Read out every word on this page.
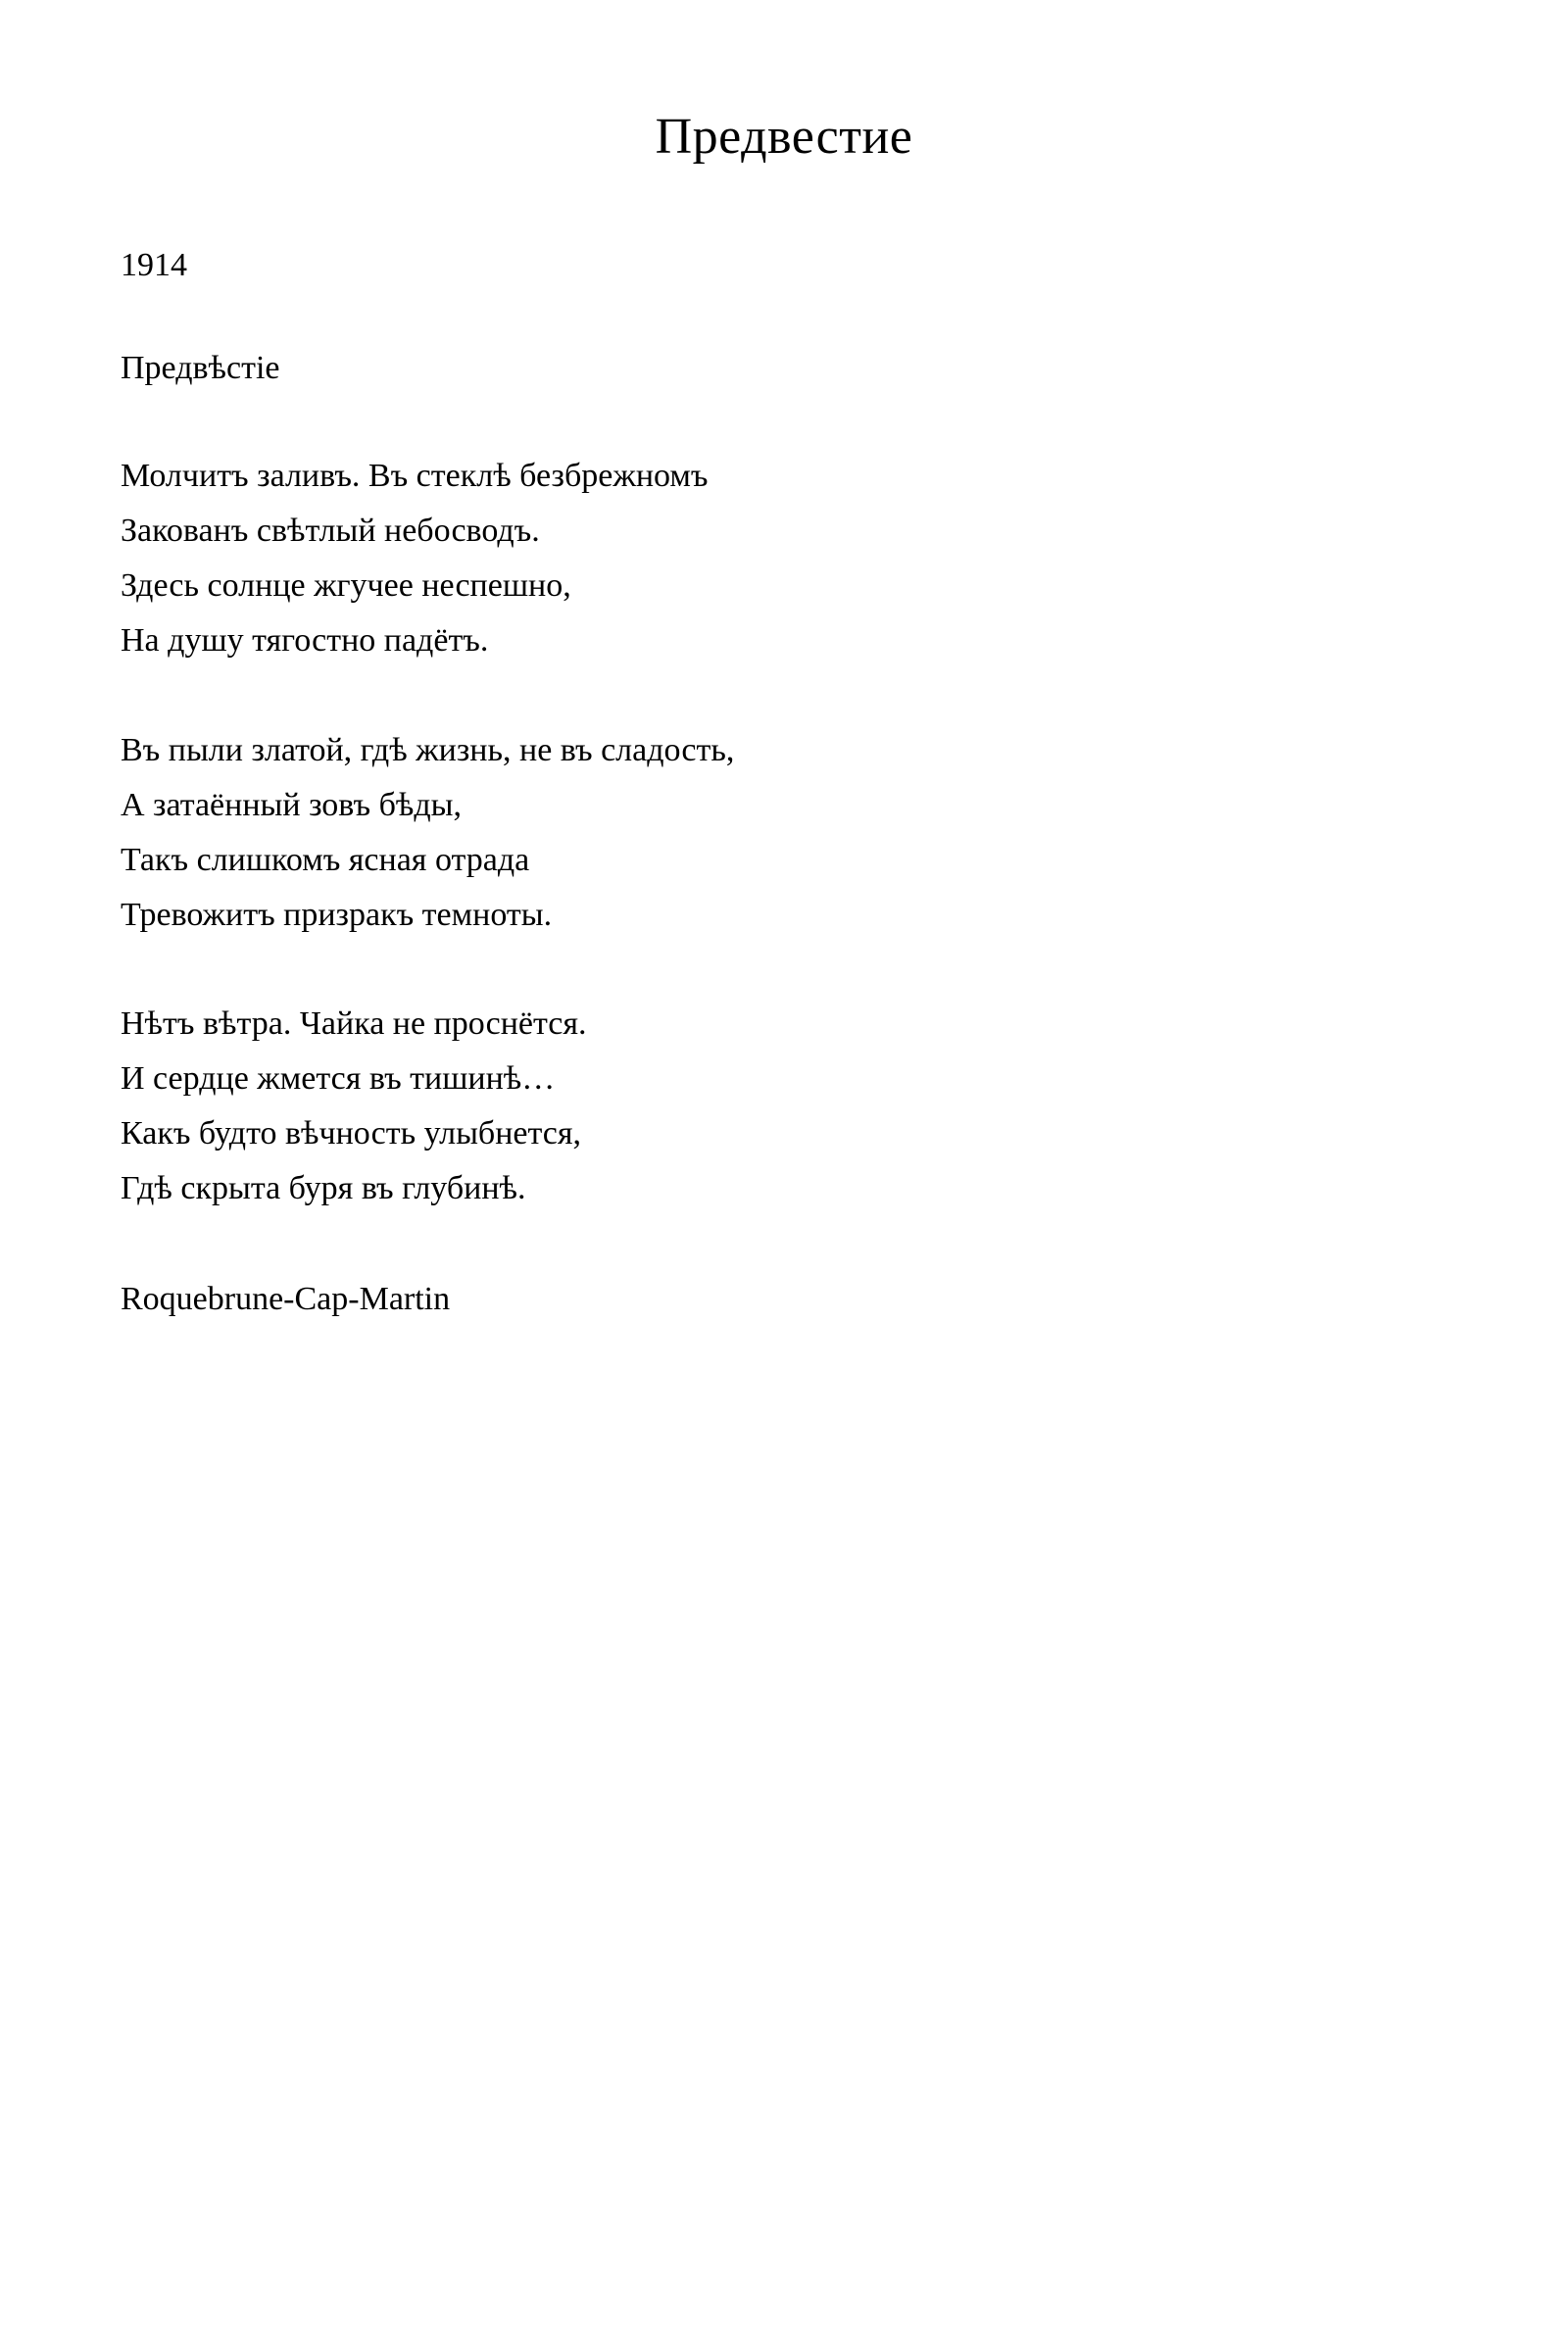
Предвестие
1914
Предвѣстіе
Молчитъ заливъ. Въ стеклѣ безбрежномъ
Закованъ свѣтлый небосводъ.
Здесь солнце жгучее неспешно,
На душу тягостно падётъ.
Въ пыли златой, гдѣ жизнь, не въ сладость,
А затаённый зовъ бѣды,
Такъ слишкомъ ясная отрада
Тревожитъ призракъ темноты.
Нѣтъ вѣтра. Чайка не проснётся.
И сердце жмется въ тишинѣ…
Какъ будто вѣчность улыбнется,
Гдѣ скрыта буря въ глубинѣ.
Roquebrune-Cap-Martin
